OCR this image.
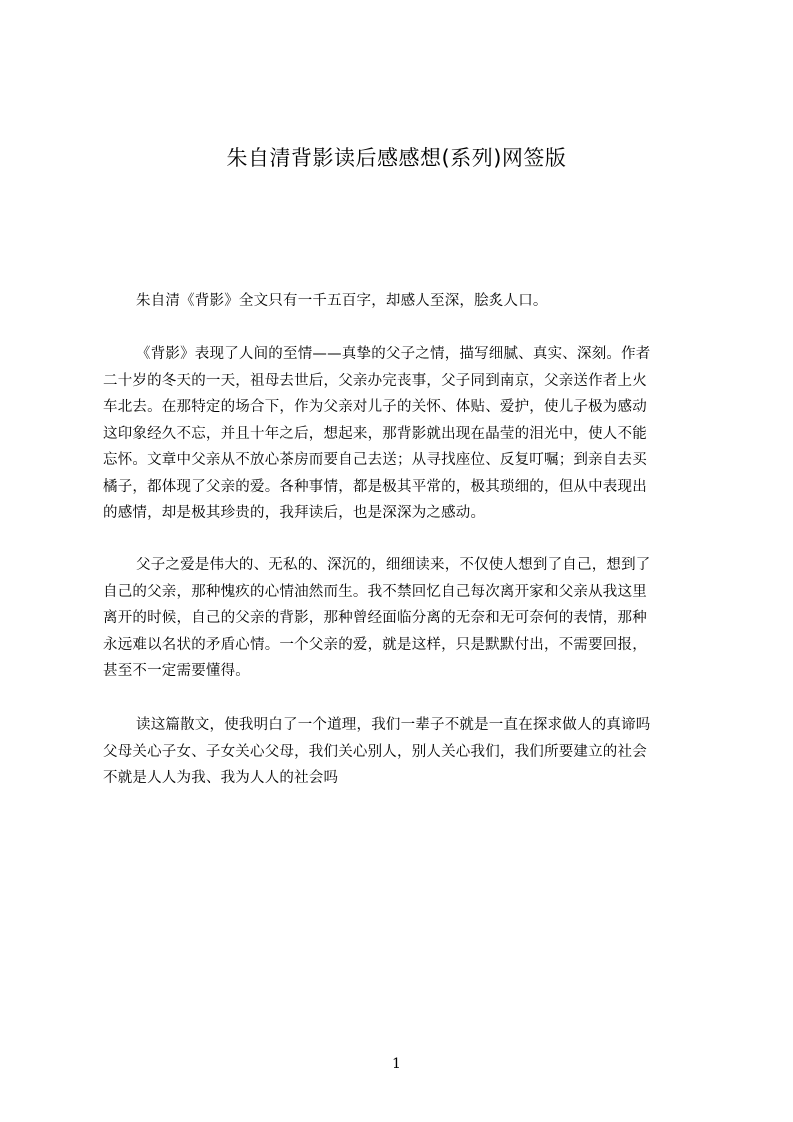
朱自清背影读后感感想(系列)网签版
朱自清《背影》全文只有一千五百字，却感人至深，脍炙人口。
《背影》表现了人间的至情——真挚的父子之情，描写细腻、真实、深刻。作者
二十岁的冬天的一天，祖母去世后，父亲办完丧事，父子同到南京，父亲送作者上火
车北去。在那特定的场合下，作为父亲对儿子的关怀、体贴、爱护，使儿子极为感动
这印象经久不忘，并且十年之后，想起来，那背影就出现在晶莹的泪光中，使人不能
忘怀。文章中父亲从不放心茶房而要自己去送；从寻找座位、反复叮嘱；到亲自去买
橘子，都体现了父亲的爱。各种事情，都是极其平常的，极其琐细的，但从中表现出
的感情，却是极其珍贵的，我拜读后，也是深深为之感动。
父子之爱是伟大的、无私的、深沉的，细细读来，不仅使人想到了自己，想到了
自己的父亲，那种愧疚的心情油然而生。我不禁回忆自己每次离开家和父亲从我这里
离开的时候，自己的父亲的背影，那种曾经面临分离的无奈和无可奈何的表情，那种
永远难以名状的矛盾心情。一个父亲的爱，就是这样，只是默默付出，不需要回报，
甚至不一定需要懂得。
读这篇散文，使我明白了一个道理，我们一辈子不就是一直在探求做人的真谛吗
父母关心子女、子女关心父母，我们关心别人，别人关心我们，我们所要建立的社会
不就是人人为我、我为人人的社会吗
1
